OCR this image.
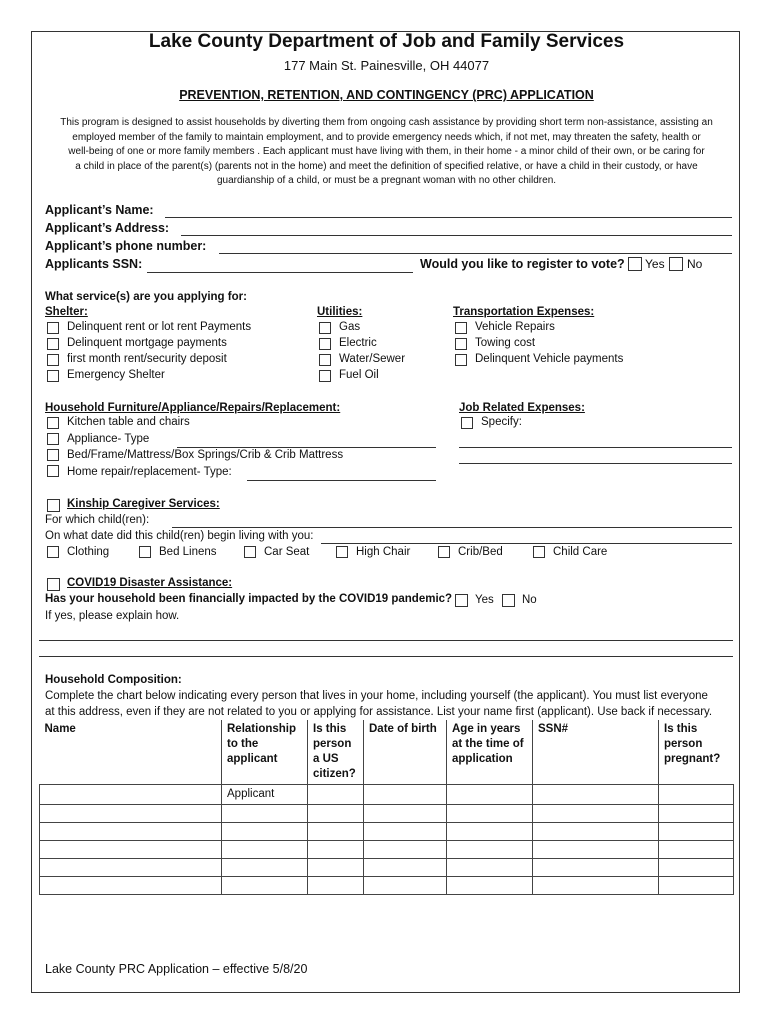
Lake County Department of Job and Family Services
177 Main St. Painesville, OH 44077
PREVENTION, RETENTION, AND CONTINGENCY (PRC) APPLICATION
This program is designed to assist households by diverting them from ongoing cash assistance by providing short term non-assistance, assisting an
employed member of the family to maintain employment, and to provide emergency needs which, if not met, may threaten the safety, health or
well-being of one or more family members . Each applicant must have living with them, in their home - a minor child of their own, or be caring for
a child in place of the parent(s) (parents not in the home) and meet the definition of specified relative, or have a child in their custody, or have
guardianship of a child, or must be a pregnant woman with no other children.
Applicant’s Name:
Applicant’s Address:
Applicant’s phone number:
Applicants SSN:	Would you like to register to vote? Yes No
What service(s) are you applying for:
Shelter:
Delinquent rent or lot rent Payments
Delinquent mortgage payments
first month rent/security deposit
Emergency Shelter
Utilities:
Gas
Electric
Water/Sewer
Fuel Oil
Transportation Expenses:
Vehicle Repairs
Towing cost
Delinquent Vehicle payments
Household Furniture/Appliance/Repairs/Replacement:
Kitchen table and chairs
Appliance- Type
Bed/Frame/Mattress/Box Springs/Crib & Crib Mattress
Home repair/replacement- Type:
Job Related Expenses:
Specify:
Kinship Caregiver Services:
For which child(ren):
On what date did this child(ren) begin living with you:
Clothing	Bed Linens	Car Seat	High Chair	Crib/Bed	Child Care
COVID19 Disaster Assistance:
Has your household been financially impacted by the COVID19 pandemic? Yes No
If yes, please explain how.
Household Composition:
Complete the chart below indicating every person that lives in your home, including yourself (the applicant). You must list everyone
at this address, even if they are not related to you or applying for assistance. List your name first (applicant). Use back if necessary.
Name	Relationship to the applicant	Is this person a US citizen?	Date of birth	Age in years at the time of application	SSN#	Is this person pregnant?
	Applicant					

Lake County PRC Application – effective 5/8/20
